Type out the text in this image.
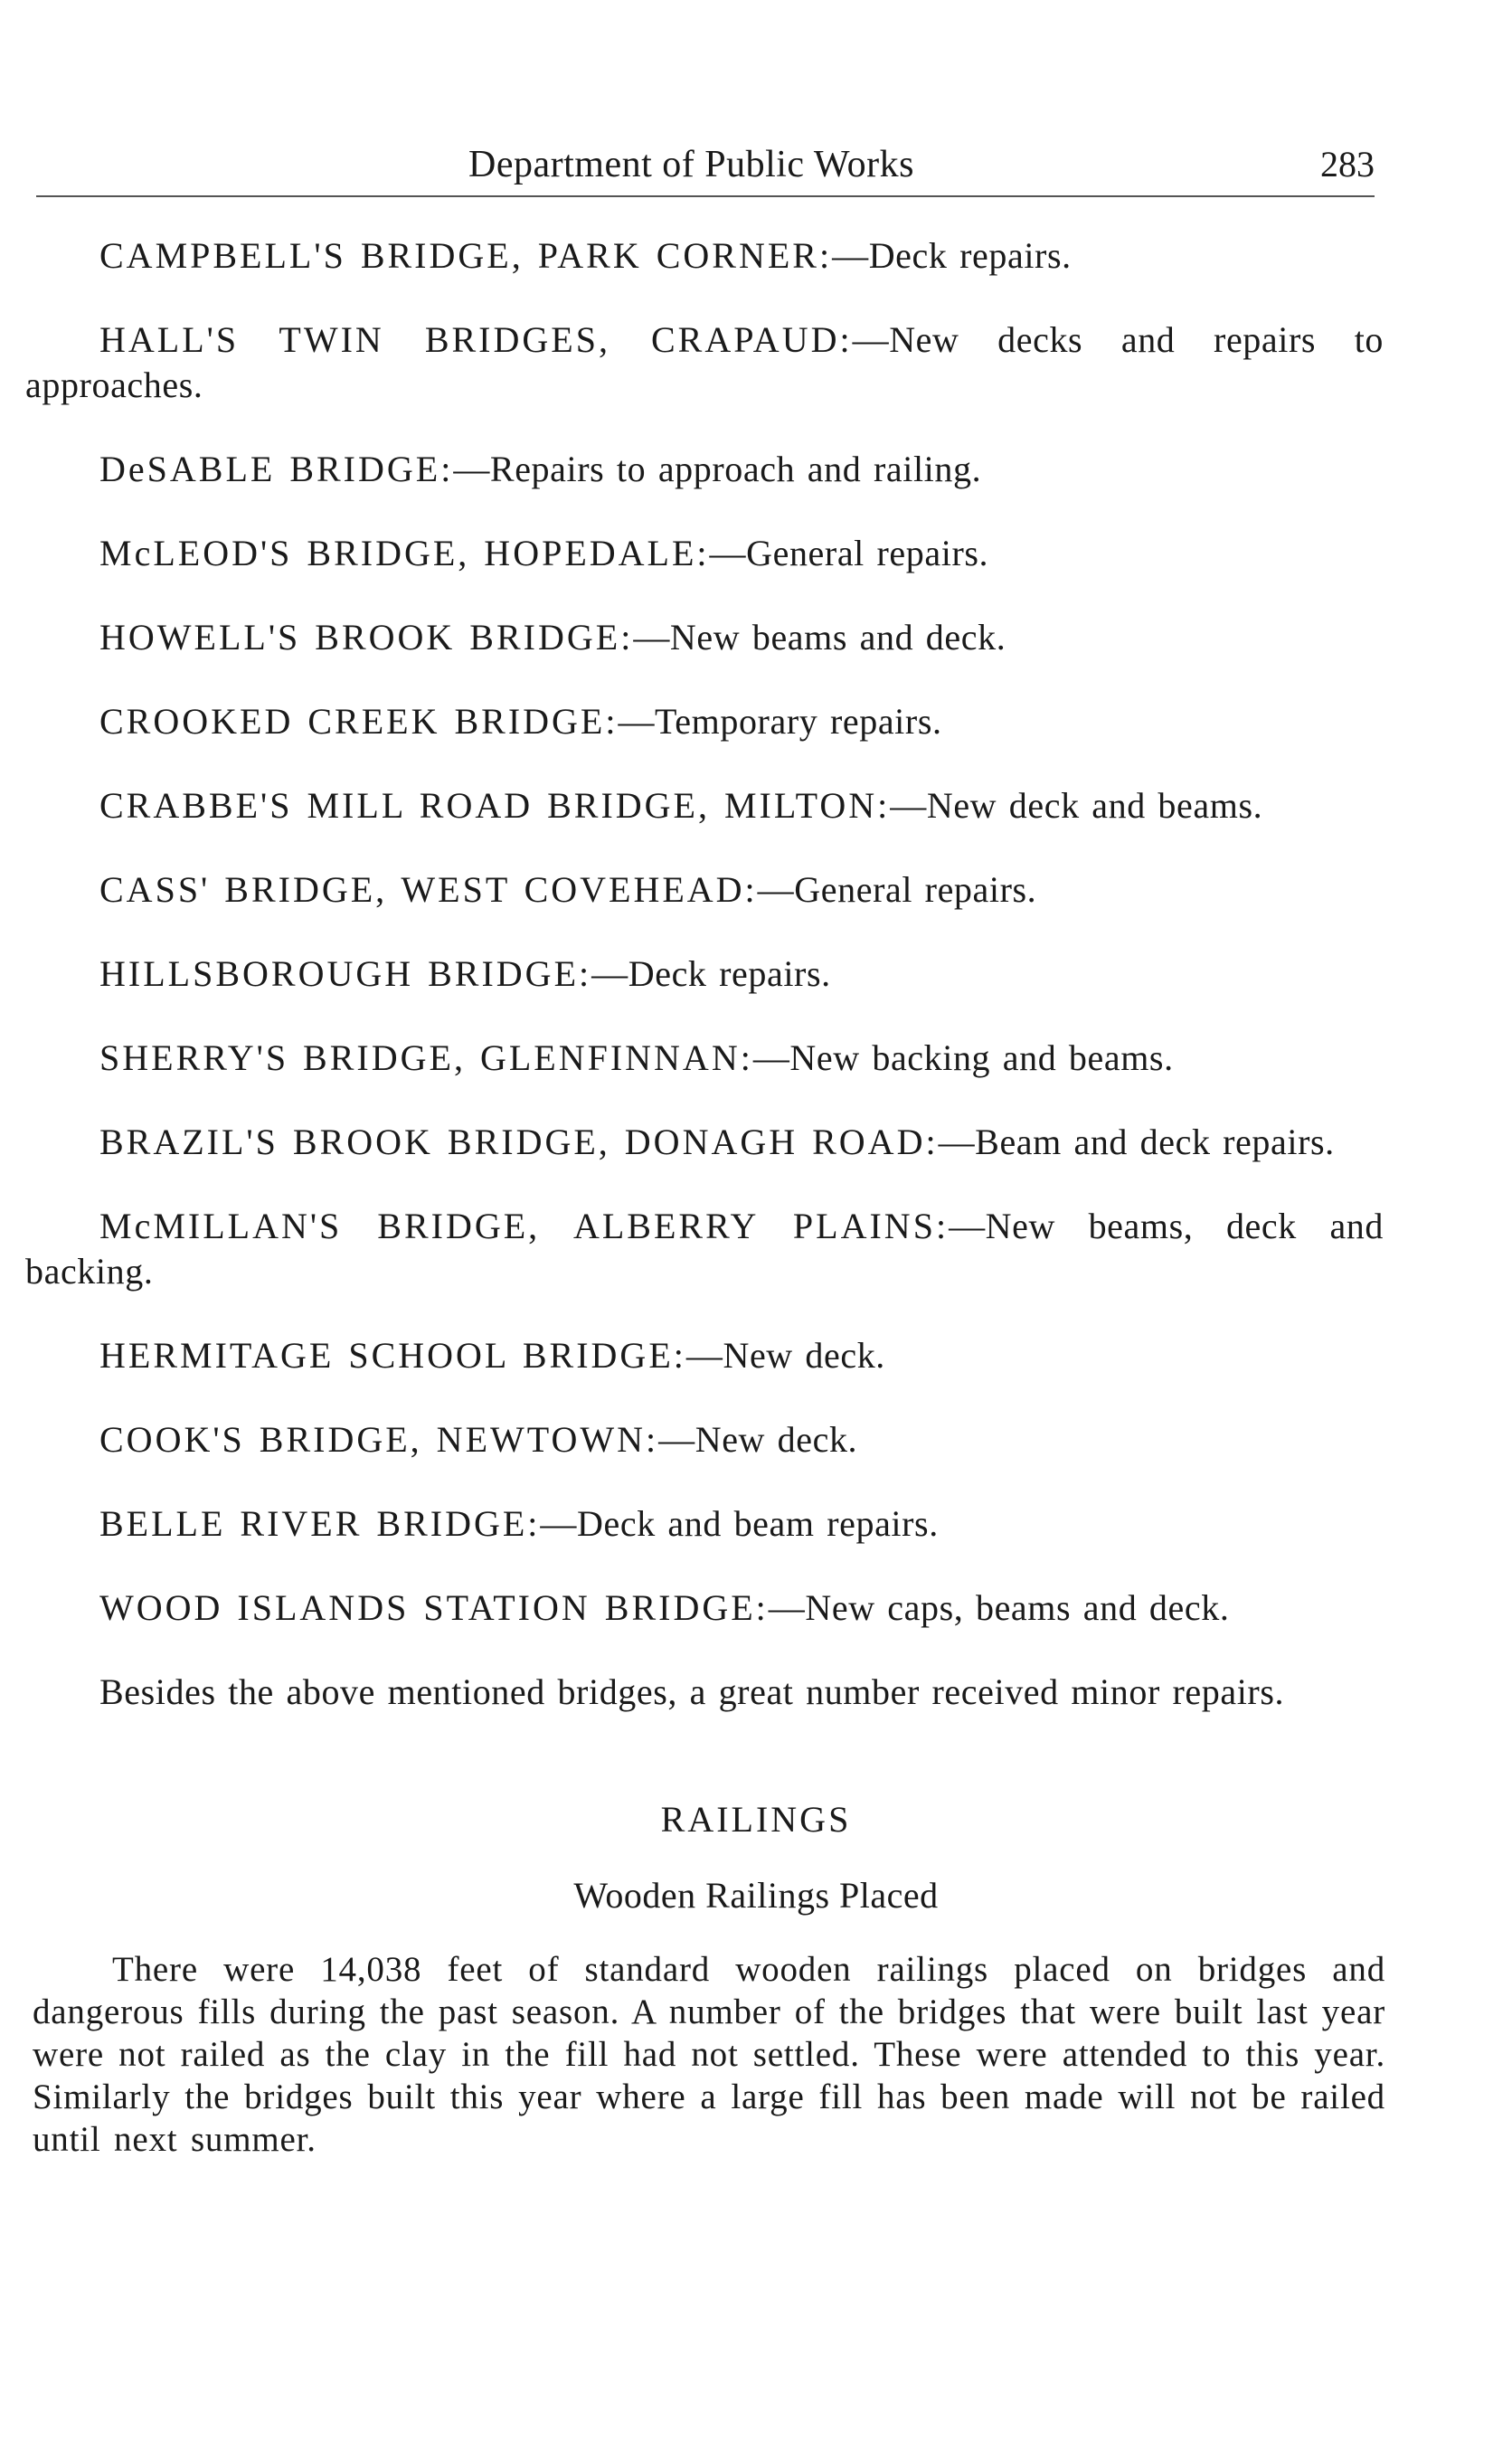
Department of Public Works	283

CAMPBELL'S BRIDGE, PARK CORNER:—Deck repairs.

HALL'S TWIN BRIDGES, CRAPAUD:—New decks and repairs to approaches.

DeSABLE BRIDGE:—Repairs to approach and railing.

McLEOD'S BRIDGE, HOPEDALE:—General repairs.

HOWELL'S BROOK BRIDGE:—New beams and deck.

CROOKED CREEK BRIDGE:—Temporary repairs.

CRABBE'S MILL ROAD BRIDGE, MILTON:—New deck and beams.

CASS' BRIDGE, WEST COVEHEAD:—General repairs.

HILLSBOROUGH BRIDGE:—Deck repairs.

SHERRY'S BRIDGE, GLENFINNAN:—New backing and beams.

BRAZIL'S BROOK BRIDGE, DONAGH ROAD:—Beam and deck repairs.

McMILLAN'S BRIDGE, ALBERRY PLAINS:—New beams, deck and backing.

HERMITAGE SCHOOL BRIDGE:—New deck.

COOK'S BRIDGE, NEWTOWN:—New deck.

BELLE RIVER BRIDGE:—Deck and beam repairs.

WOOD ISLANDS STATION BRIDGE:—New caps, beams and deck.

Besides the above mentioned bridges, a great number received minor repairs.

RAILINGS
Wooden Railings Placed

There were 14,038 feet of standard wooden railings placed on bridges and dangerous fills during the past season. A number of the bridges that were built last year were not railed as the clay in the fill had not settled. These were attended to this year. Similarly the bridges built this year where a large fill has been made will not be railed until next summer.
